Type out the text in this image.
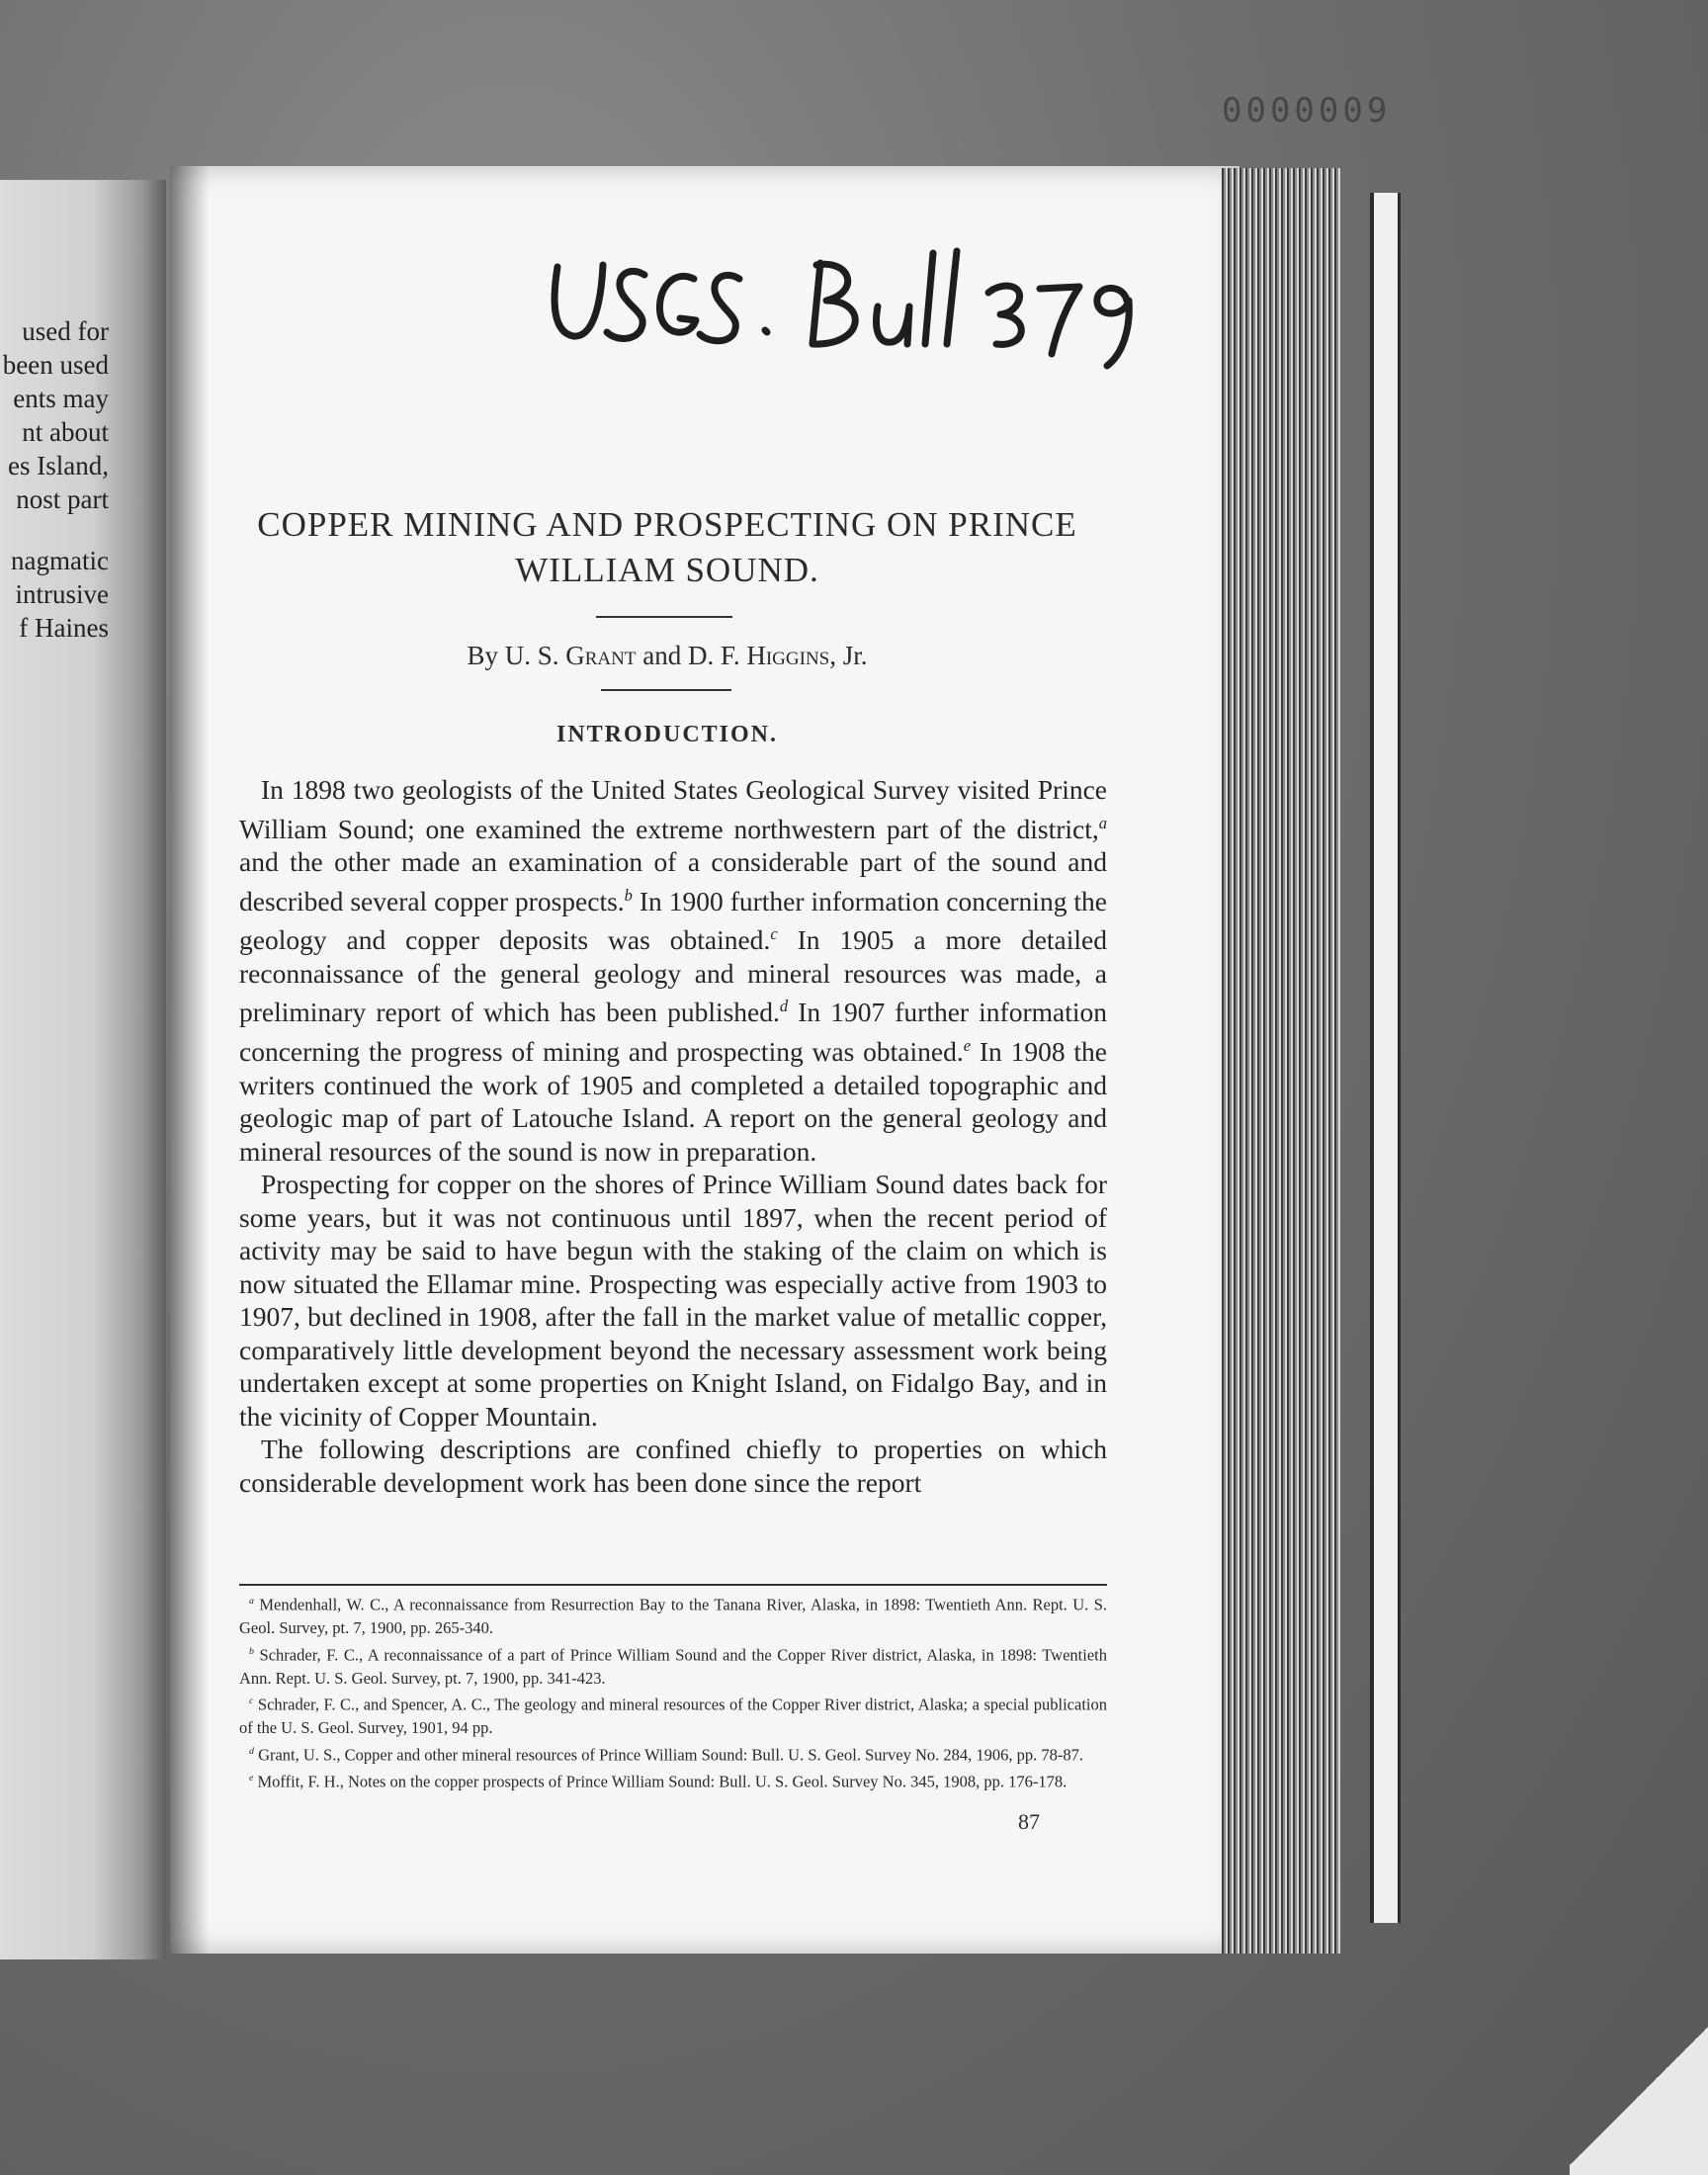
0000009
used for
been used
ents may
nt about
es Island,
nost part
nagmatic
intrusive
f Haines
COPPER MINING AND PROSPECTING ON PRINCE
WILLIAM SOUND.
By U. S. Grant and D. F. Higgins, Jr.
INTRODUCTION.

In 1898 two geologists of the United States Geological Survey visited Prince William Sound; one examined the extreme northwestern part of the district,$^a$ and the other made an examination of a considerable part of the sound and described several copper prospects.$^b$ In 1900 further information concerning the geology and copper deposits was obtained.$^c$ In 1905 a more detailed reconnaissance of the general geology and mineral resources was made, a preliminary report of which has been published.$^d$ In 1907 further information concerning the progress of mining and prospecting was obtained.$^e$ In 1908 the writers continued the work of 1905 and completed a detailed topographic and geologic map of part of Latouche Island. A report on the general geology and mineral resources of the sound is now in preparation.

Prospecting for copper on the shores of Prince William Sound dates back for some years, but it was not continuous until 1897, when the recent period of activity may be said to have begun with the staking of the claim on which is now situated the Ellamar mine. Prospecting was especially active from 1903 to 1907, but declined in 1908, after the fall in the market value of metallic copper, comparatively little development beyond the necessary assessment work being undertaken except at some properties on Knight Island, on Fidalgo Bay, and in the vicinity of Copper Mountain.

The following descriptions are confined chiefly to properties on which considerable development work has been done since the report

$^a$ Mendenhall, W. C., A reconnaissance from Resurrection Bay to the Tanana River, Alaska, in 1898: Twentieth Ann. Rept. U. S. Geol. Survey, pt. 7, 1900, pp. 265-340.

$^b$ Schrader, F. C., A reconnaissance of a part of Prince William Sound and the Copper River district, Alaska, in 1898: Twentieth Ann. Rept. U. S. Geol. Survey, pt. 7, 1900, pp. 341-423.

$^c$ Schrader, F. C., and Spencer, A. C., The geology and mineral resources of the Copper River district, Alaska; a special publication of the U. S. Geol. Survey, 1901, 94 pp.

$^d$ Grant, U. S., Copper and other mineral resources of Prince William Sound: Bull. U. S. Geol. Survey No. 284, 1906, pp. 78-87.

$^e$ Moffit, F. H., Notes on the copper prospects of Prince William Sound: Bull. U. S. Geol. Survey No. 345, 1908, pp. 176-178.

87
